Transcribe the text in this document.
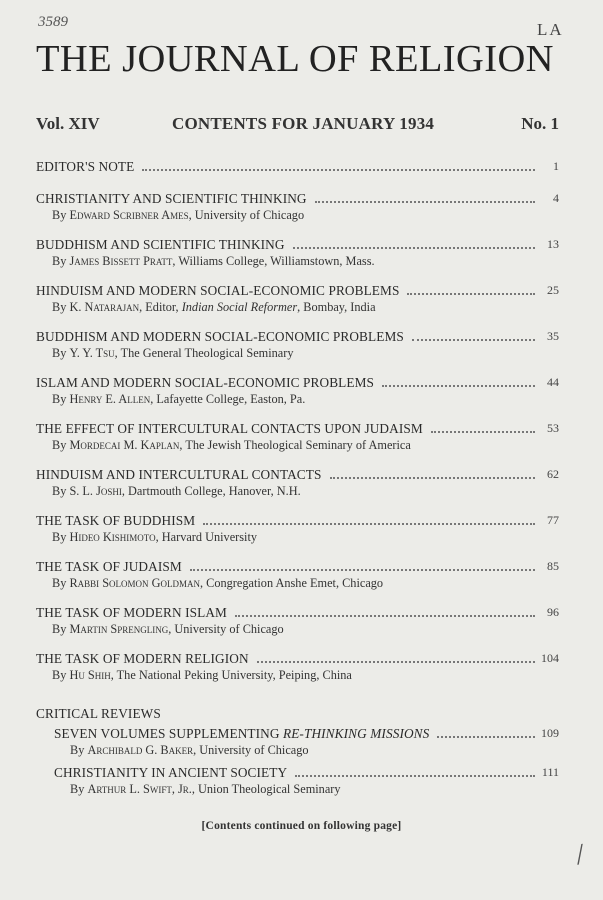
3589	LA
THE JOURNAL OF RELIGION
Vol. XIV	CONTENTS FOR JANUARY 1934	No. 1
EDITOR'S NOTE	1
CHRISTIANITY AND SCIENTIFIC THINKING	4
By Edward Scribner Ames, University of Chicago
BUDDHISM AND SCIENTIFIC THINKING	13
By James Bissett Pratt, Williams College, Williamstown, Mass.
HINDUISM AND MODERN SOCIAL-ECONOMIC PROBLEMS	25
By K. Natarajan, Editor, Indian Social Reformer, Bombay, India
BUDDHISM AND MODERN SOCIAL-ECONOMIC PROBLEMS	35
By Y. Y. Tsu, The General Theological Seminary
ISLAM AND MODERN SOCIAL-ECONOMIC PROBLEMS	44
By Henry E. Allen, Lafayette College, Easton, Pa.
THE EFFECT OF INTERCULTURAL CONTACTS UPON JUDAISM	53
By Mordecai M. Kaplan, The Jewish Theological Seminary of America
HINDUISM AND INTERCULTURAL CONTACTS	62
By S. L. Joshi, Dartmouth College, Hanover, N.H.
THE TASK OF BUDDHISM	77
By Hideo Kishimoto, Harvard University
THE TASK OF JUDAISM	85
By Rabbi Solomon Goldman, Congregation Anshe Emet, Chicago
THE TASK OF MODERN ISLAM	96
By Martin Sprengling, University of Chicago
THE TASK OF MODERN RELIGION	104
By Hu Shih, The National Peking University, Peiping, China
CRITICAL REVIEWS
SEVEN VOLUMES SUPPLEMENTING RE-THINKING MISSIONS	109
By Archibald G. Baker, University of Chicago
CHRISTIANITY IN ANCIENT SOCIETY	111
By Arthur L. Swift, Jr., Union Theological Seminary
[Contents continued on following page]
/
